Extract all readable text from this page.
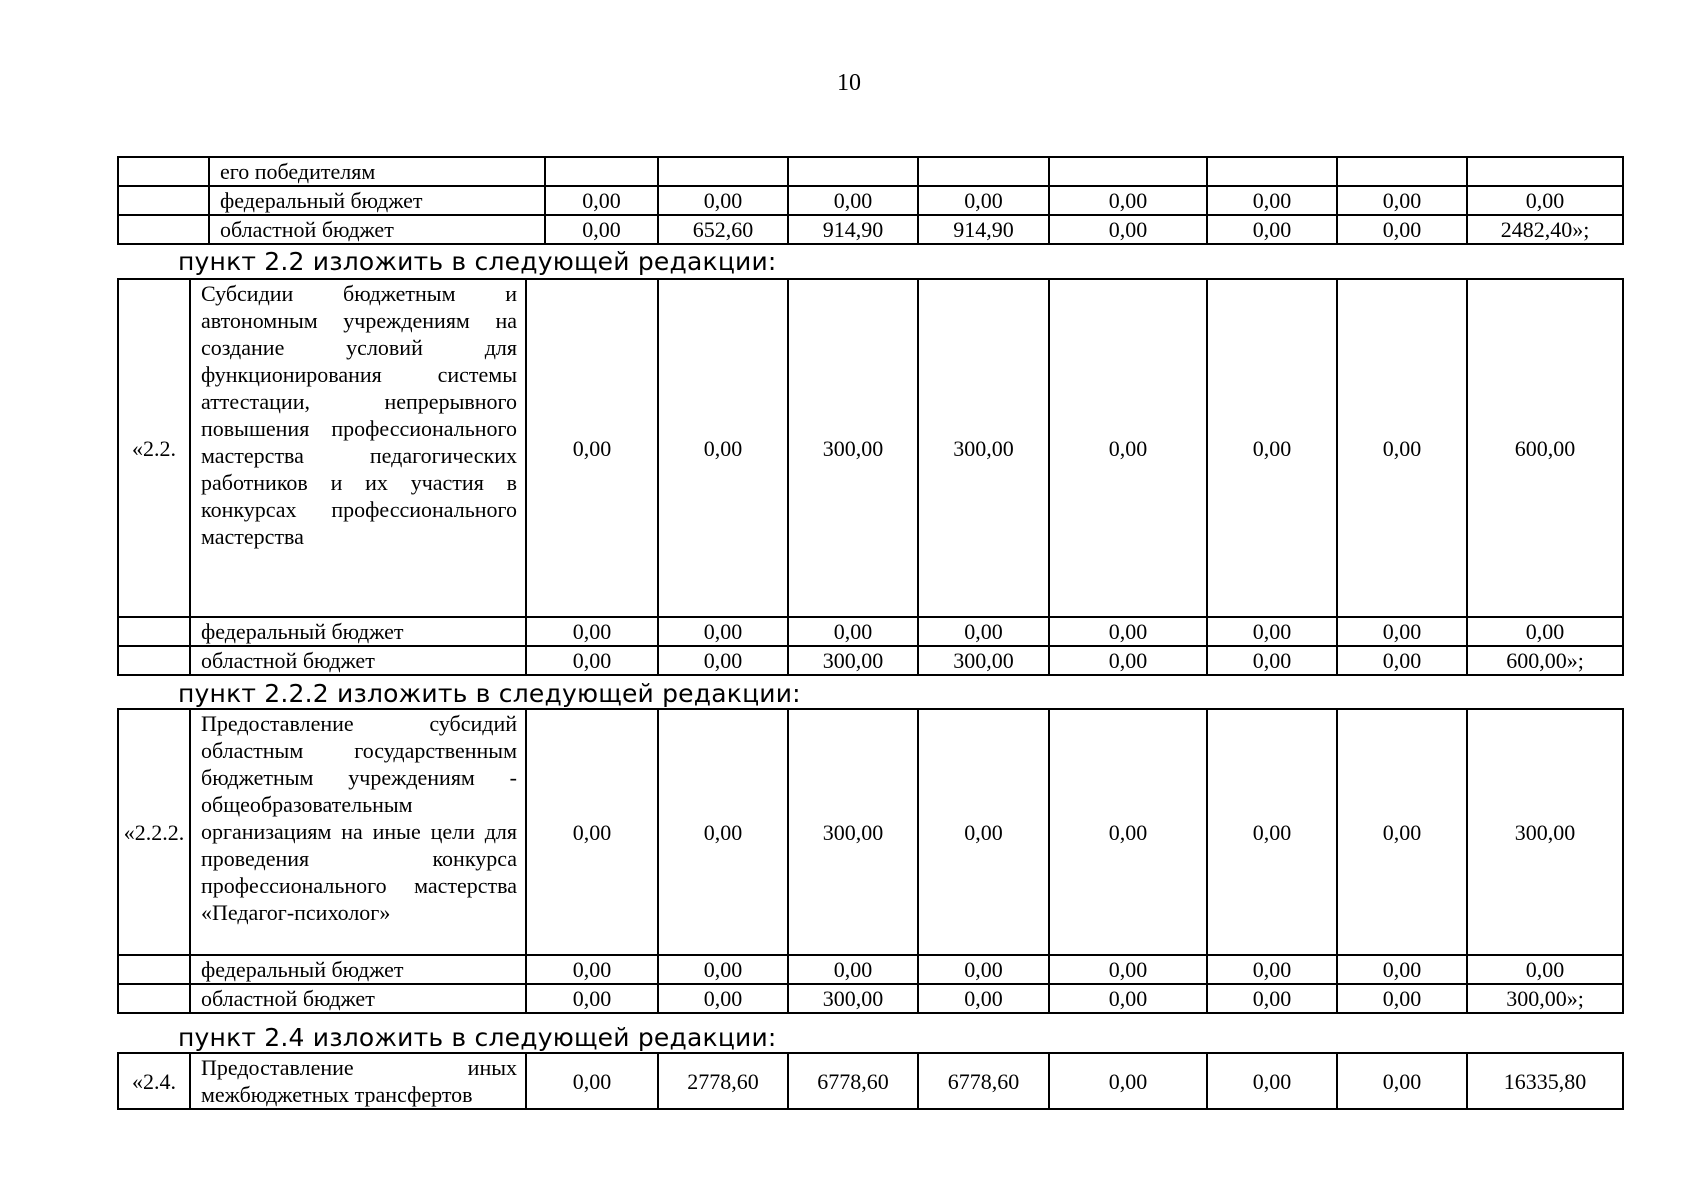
10
	его победителям								
	федеральный бюджет	0,00	0,00	0,00	0,00	0,00	0,00	0,00	0,00
	областной бюджет	0,00	652,60	914,90	914,90	0,00	0,00	0,00	2482,40»;
пункт 2.2 изложить в следующей редакции:
«2.2.	Субсидии бюджетным и автономным учреждениям на создание условий для функционирования системы аттестации, непрерывного повышения профессионального мастерства педагогических работников и их участия в конкурсах профессионального мастерства	0,00	0,00	300,00	300,00	0,00	0,00	0,00	600,00
	федеральный бюджет	0,00	0,00	0,00	0,00	0,00	0,00	0,00	0,00
	областной бюджет	0,00	0,00	300,00	300,00	0,00	0,00	0,00	600,00»;
пункт 2.2.2 изложить в следующей редакции:
«2.2.2.	Предоставление субсидий областным государственным бюджетным учреждениям - общеобразовательным организациям на иные цели для проведения конкурса профессионального мастерства «Педагог-психолог»	0,00	0,00	300,00	0,00	0,00	0,00	0,00	300,00
	федеральный бюджет	0,00	0,00	0,00	0,00	0,00	0,00	0,00	0,00
	областной бюджет	0,00	0,00	300,00	0,00	0,00	0,00	0,00	300,00»;
пункт 2.4 изложить в следующей редакции:
«2.4.	Предоставление иных межбюджетных трансфертов	0,00	2778,60	6778,60	6778,60	0,00	0,00	0,00	16335,80
